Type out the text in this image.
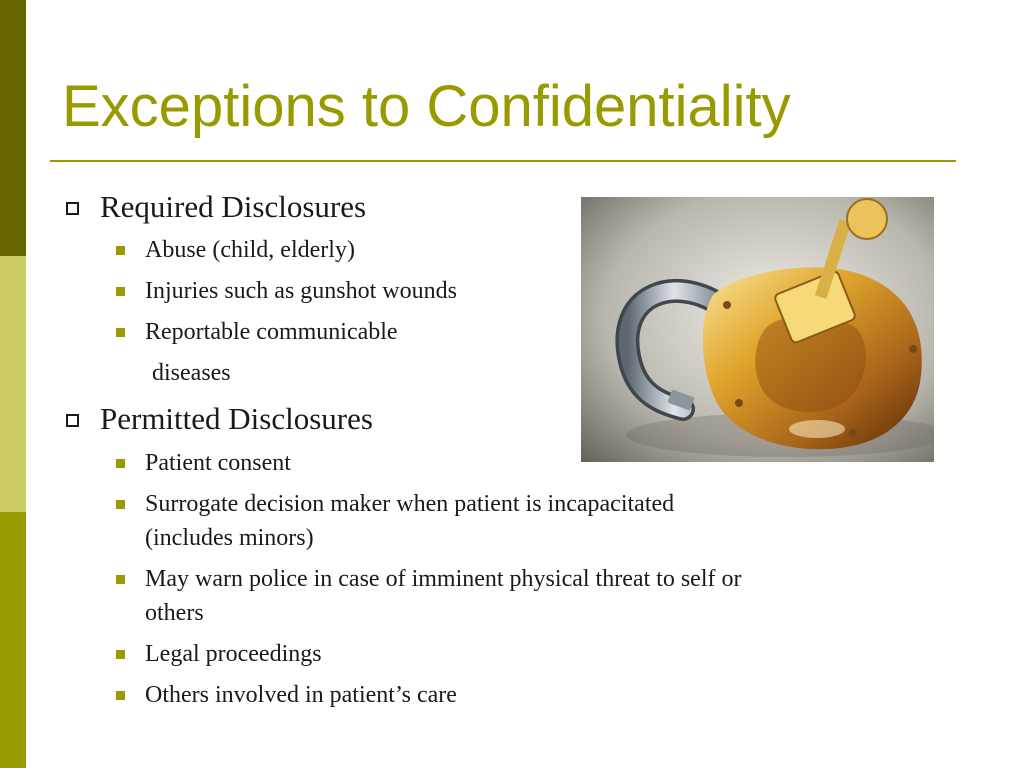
Exceptions to Confidentiality
Required Disclosures
Abuse (child, elderly)
Injuries such as gunshot wounds
Reportable communicable
diseases
Permitted Disclosures
Patient consent
Surrogate decision maker when patient is incapacitated
(includes minors)
May warn police in case of imminent physical threat to self or
others
Legal proceedings
Others involved in patient’s care
